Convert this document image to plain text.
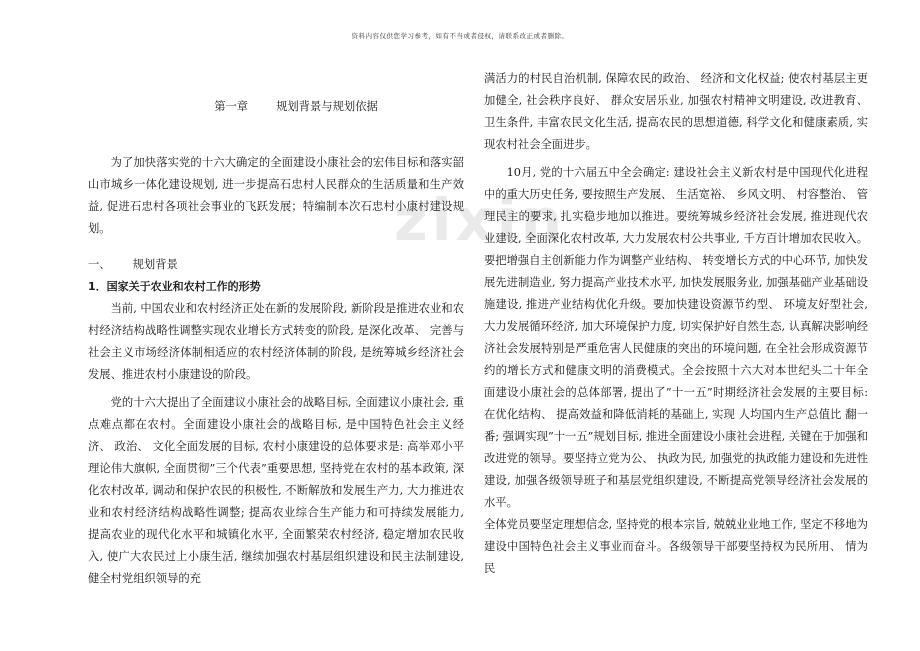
资料内容仅供您学习参考，如有不当或者侵权，请联系改正或者删除。
zixin

第一章 规划背景与规划依据

为了加快落实党的十六大确定的全面建设小康社会的宏伟目标和落实韶山市城乡一体化建设规划, 进一步提高石忠村人民群众的生活质量和生产效益, 促进石忠村各项社会事业的飞跃发展；特编制本次石忠村小康村建设规划。

一、 规划背景

1．国家关于农业和农村工作的形势

当前, 中国农业和农村经济正处在新的发展阶段, 新阶段是推进农业和农村经济结构战略性调整实现农业增长方式转变的阶段, 是深化改革、 完善与社会主义市场经济体制相适应的农村经济体制的阶段, 是统筹城乡经济社会发展、推进农村小康建设的阶段。

党的十六大提出了全面建议小康社会的战略目标, 全面建议小康社会, 重点难点都在农村。全面建设小康社会的战略目标, 是中国特色社会主义经济、 政治、 文化全面发展的目标, 农村小康建设的总体要求是: 高举邓小平理论伟大旗帜, 全面贯彻”三个代表”重要思想, 坚持党在农村的基本政策, 深化农村改革, 调动和保护农民的积极性, 不断解放和发展生产力, 大力推进农业和农村经济结构战略性调整; 提高农业综合生产能力和可持续发展能力, 提高农业的现代化水平和城镇化水平, 全面繁荣农村经济, 稳定增加农民收入, 使广大农民过上小康生活, 继续加强农村基层组织建设和民主法制建设, 健全村党组织领导的充

满活力的村民自治机制, 保障农民的政治、 经济和文化权益; 使农村基层主更加健全, 社会秩序良好、 群众安居乐业, 加强农村精神文明建设, 改进教育、卫生条件, 丰富农民文化生活, 提高农民的思想道德, 科学文化和健康素质, 实现农村社会全面进步。

10月, 党的十六届五中全会确定: 建设社会主义新农村是中国现代化进程中的重大历史任务, 要按照生产发展、 生活宽裕、 乡风文明、 村容整治、 管理民主的要求, 扎实稳步地加以推进。要统筹城乡经济社会发展, 推进现代农业建设, 全面深化农村改革, 大力发展农村公共事业, 千方百计增加农民收入。要把增强自主创新能力作为调整产业结构、 转变增长方式的中心环节, 加快发展先进制造业, 努力提高产业技术水平, 加快发展服务业, 加强基础产业基础设施建设, 推进产业结构优化升级。要加快建设资源节约型、 环境友好型社会, 大力发展循环经济, 加大环境保护力度, 切实保护好自然生态, 认真解决影响经济社会发展特别是严重危害人民健康的突出的环境问题, 在全社会形成资源节约的增长方式和健康文明的消费模式。全会按照十六大对本世纪头二十年全面建设小康社会的总体部署, 提出了”十一五”时期经济社会发展的主要目标: 在优化结构、 提高效益和降低消耗的基础上, 实现 人均国内生产总值比 翻一番; 强调实现”十一五”规划目标, 推进全面建设小康社会进程, 关键在于加强和改进党的领导。要坚持立党为公、 执政为民, 加强党的执政能力建设和先进性建设, 加强各级领导班子和基层党组织建设, 不断提高党领导经济社会发展的水平。

全体党员要坚定理想信念, 坚持党的根本宗旨, 兢兢业业地工作, 坚定不移地为建设中国特色社会主义事业而奋斗。各级领导干部要坚持权为民所用、 情为民
